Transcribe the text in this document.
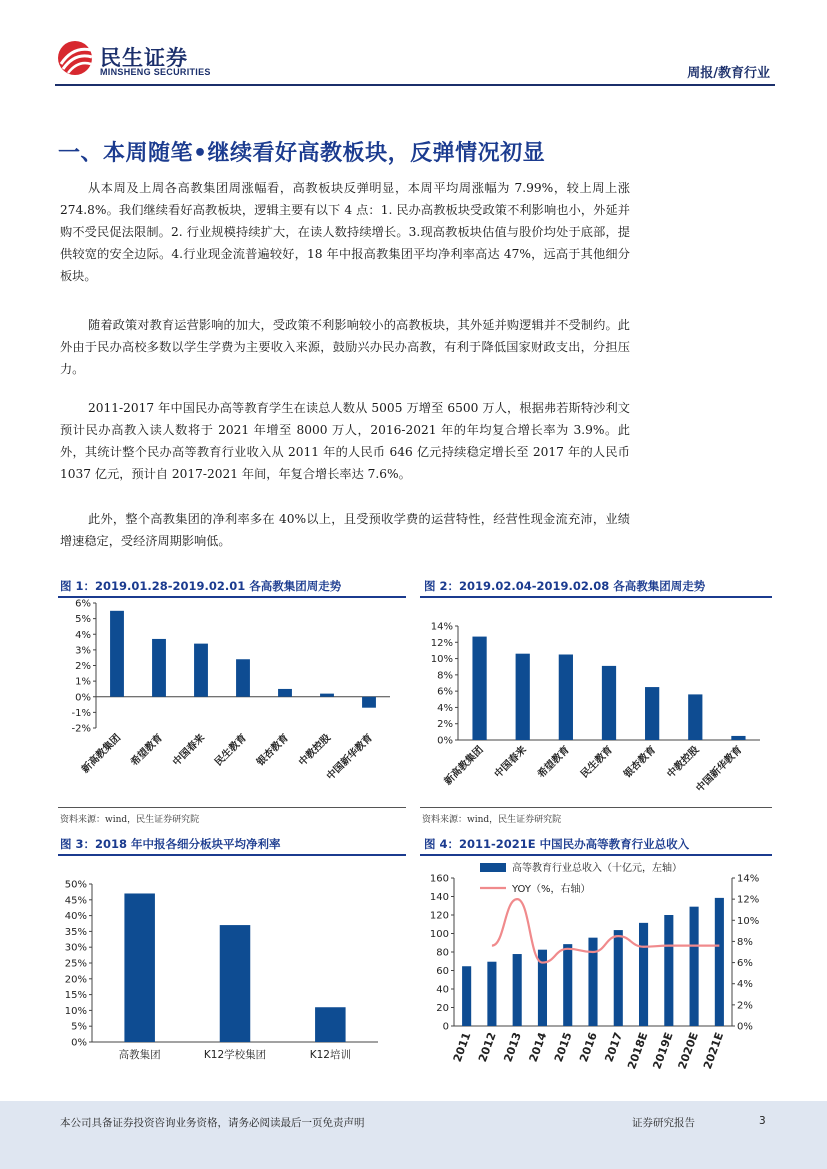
民生证券
MINSHENG SECURITIES	周报/教育行业
一、本周随笔•继续看好高教板块，反弹情况初显

从本周及上周各高教集团周涨幅看，高教板块反弹明显，本周平均周涨幅为 7.99%，较上周上涨 274.8%。我们继续看好高教板块，逻辑主要有以下 4 点：1. 民办高教板块受政策不利影响也小，外延并购不受民促法限制。2. 行业规模持续扩大，在读人数持续增长。3.现高教板块估值与股价均处于底部，提供较宽的安全边际。4.行业现金流普遍较好，18 年中报高教集团平均净利率高达 47%，远高于其他细分板块。

随着政策对教育运营影响的加大，受政策不利影响较小的高教板块，其外延并购逻辑并不受制约。此外由于民办高校多数以学生学费为主要收入来源，鼓励兴办民办高教，有利于降低国家财政支出，分担压力。

2011-2017 年中国民办高等教育学生在读总人数从 5005 万增至 6500 万人，根据弗若斯特沙利文预计民办高教入读人数将于 2021 年增至 8000 万人，2016-2021 年的年均复合增长率为 3.9%。此外，其统计整个民办高等教育行业收入从 2011 年的人民币 646 亿元持续稳定增长至 2017 年的人民币 1037 亿元，预计自 2017-2021 年间，年复合增长率达 7.6%。

此外，整个高教集团的净利率多在 40%以上，且受预收学费的运营特性，经营性现金流充沛，业绩增速稳定，受经济周期影响低。

图 1：2019.01.28-2019.02.01 各高教集团周走势
-2%
-1%
0%
1%
2%
3%
4%
5%
6%
新高教集团 希望教育 中国春来 民生教育 银杏教育 中教控股
中国新华教育
资料来源：wind，民生证券研究院
图 2：2019.02.04-2019.02.08 各高教集团周走势
0%
2%
4%
6%
8%
10%
12%
14%
新高教集团 中国春来 希望教育 民生教育 银杏教育 中教控股
中国新华教育
资料来源：wind，民生证券研究院
图 3：2018 年中报各细分板块平均净利率
0%
5%
10%
15%
20%
25%
30%
35%
40%
45%
50%
高教集团	K12学校集团	K12培训
图 4：2011-2021E 中国民办高等教育行业总收入
0
20
40
60
80
100
120
140
160
0%
2%
4%
6%
8%
10%
12%
14%
2011 2012 2013 2014 2015 2016 2017 2018E 2019E 2020E 2021E
高等教育行业总收入（十亿元，左轴）
YOY（%，右轴）
本公司具备证券投资咨询业务资格，请务必阅读最后一页免责声明	证券研究报告	3
